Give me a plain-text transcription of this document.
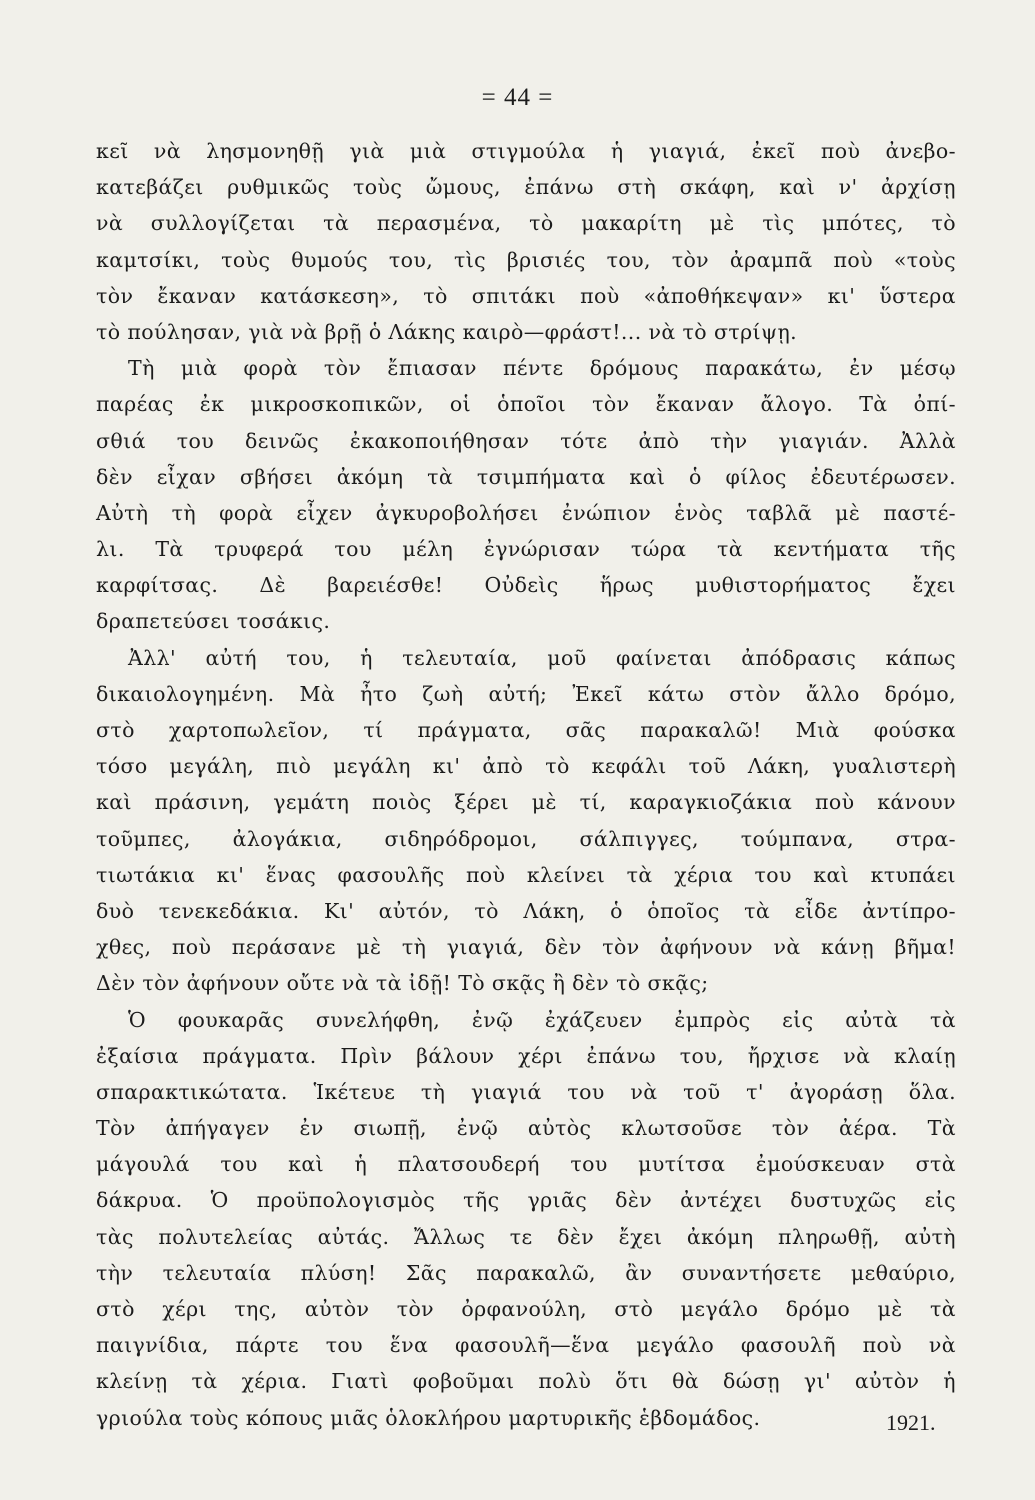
= 44 =
κεῖ νὰ λησμονηθῇ γιὰ μιὰ στιγμούλα ἡ γιαγιά, ἐκεῖ ποὺ ἀνεβο-
κατεβάζει ρυθμικῶς τοὺς ὤμους, ἐπάνω στὴ σκάφη, καὶ ν' ἀρχίσῃ
νὰ συλλογίζεται τὰ περασμένα, τὸ μακαρίτη μὲ τὶς μπότες, τὸ
καμτσίκι, τοὺς θυμούς του, τὶς βρισιές του, τὸν ἀραμπᾶ ποὺ «τοὺς
τὸν ἔκαναν κατάσκεση», τὸ σπιτάκι ποὺ «ἀποθήκεψαν» κι' ὕστερα
τὸ πούλησαν, γιὰ νὰ βρῇ ὁ Λάκης καιρὸ—φράστ!... νὰ τὸ στρίψῃ.
Τὴ μιὰ φορὰ τὸν ἔπιασαν πέντε δρόμους παρακάτω, ἐν μέσῳ
παρέας ἐκ μικροσκοπικῶν, οἱ ὁποῖοι τὸν ἔκαναν ἄλογο. Τὰ ὀπί-
σθιά του δεινῶς ἐκακοποιήθησαν τότε ἀπὸ τὴν γιαγιάν. Ἀλλὰ
δὲν εἶχαν σβήσει ἀκόμη τὰ τσιμπήματα καὶ ὁ φίλος ἐδευτέρωσεν.
Αὐτὴ τὴ φορὰ εἶχεν ἀγκυροβολήσει ἐνώπιον ἑνὸς ταβλᾶ μὲ παστέ-
λι. Τὰ τρυφερά του μέλη ἐγνώρισαν τώρα τὰ κεντήματα τῆς
καρφίτσας. Δὲ βαρειέσθε! Οὐδεὶς ἥρως μυθιστορήματος ἔχει
δραπετεύσει τοσάκις.
Ἀλλ' αὐτή του, ἡ τελευταία, μοῦ φαίνεται ἀπόδρασις κάπως
δικαιολογημένη. Μὰ ἦτο ζωὴ αὐτή; Ἐκεῖ κάτω στὸν ἄλλο δρόμο,
στὸ χαρτοπωλεῖον, τί πράγματα, σᾶς παρακαλῶ! Μιὰ φούσκα
τόσο μεγάλη, πιὸ μεγάλη κι' ἀπὸ τὸ κεφάλι τοῦ Λάκη, γυαλιστερὴ
καὶ πράσινη, γεμάτη ποιὸς ξέρει μὲ τί, καραγκιοζάκια ποὺ κάνουν
τοῦμπες, ἀλογάκια, σιδηρόδρομοι, σάλπιγγες, τούμπανα, στρα-
τιωτάκια κι' ἕνας φασουλῆς ποὺ κλείνει τὰ χέρια του καὶ κτυπάει
δυὸ τενεκεδάκια. Κι' αὐτόν, τὸ Λάκη, ὁ ὁποῖος τὰ εἶδε ἀντίπρο-
χθες, ποὺ περάσανε μὲ τὴ γιαγιά, δὲν τὸν ἀφήνουν νὰ κάνῃ βῆμα!
Δὲν τὸν ἀφήνουν οὔτε νὰ τὰ ἰδῇ! Τὸ σκᾷς ἢ δὲν τὸ σκᾷς;
Ὁ φουκαρᾶς συνελήφθη, ἐνῷ ἐχάζευεν ἐμπρὸς εἰς αὐτὰ τὰ
ἐξαίσια πράγματα. Πρὶν βάλουν χέρι ἐπάνω του, ἤρχισε νὰ κλαίῃ
σπαρακτικώτατα. Ἱκέτευε τὴ γιαγιά του νὰ τοῦ τ' ἀγοράσῃ ὅλα.
Τὸν ἀπήγαγεν ἐν σιωπῇ, ἐνῷ αὐτὸς κλωτσοῦσε τὸν ἀέρα. Τὰ
μάγουλά του καὶ ἡ πλατσουδερή του μυτίτσα ἐμούσκευαν στὰ
δάκρυα. Ὁ προϋπολογισμὸς τῆς γριᾶς δὲν ἀντέχει δυστυχῶς εἰς
τὰς πολυτελείας αὐτάς. Ἄλλως τε δὲν ἔχει ἀκόμη πληρωθῇ, αὐτὴ
τὴν τελευταία πλύση! Σᾶς παρακαλῶ, ἂν συναντήσετε μεθαύριο,
στὸ χέρι της, αὐτὸν τὸν ὀρφανούλη, στὸ μεγάλο δρόμο μὲ τὰ
παιγνίδια, πάρτε του ἕνα φασουλῆ—ἕνα μεγάλο φασουλῆ ποὺ νὰ
κλείνῃ τὰ χέρια. Γιατὶ φοβοῦμαι πολὺ ὅτι θὰ δώσῃ γι' αὐτὸν ἡ
γριούλα τοὺς κόπους μιᾶς ὁλοκλήρου μαρτυρικῆς ἑβδομάδος.	1921.
